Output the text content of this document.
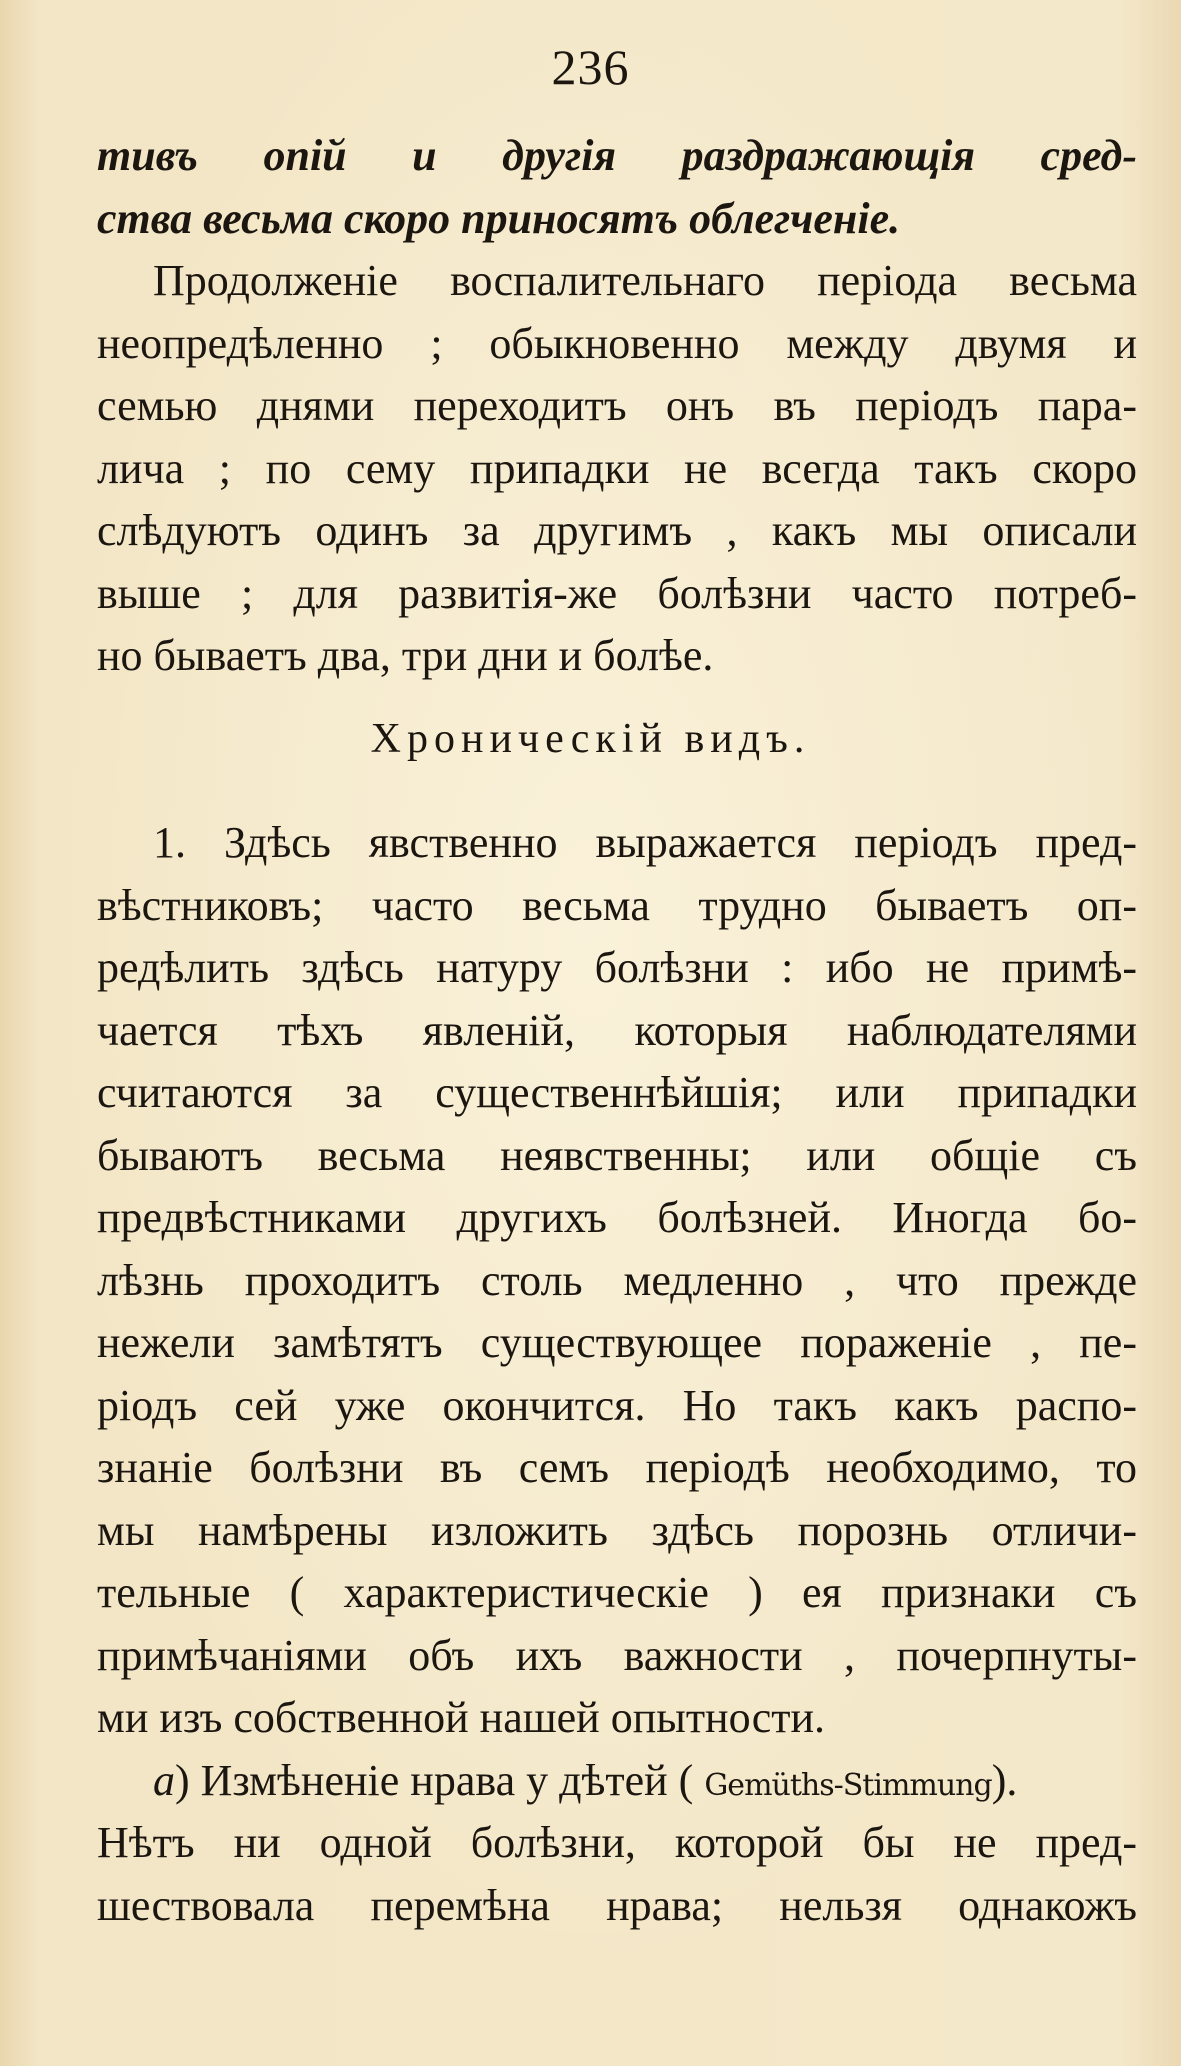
236
тивъ опій и другія раздражающія сред-
ства весьма скоро приносятъ облегченіе.
Продолженіе воспалительнаго періода весьма
неопредѣленно ; обыкновенно между двумя и
семью днями переходитъ онъ въ періодъ пара-
лича ; по сему припадки не всегда такъ скоро
слѣдуютъ одинъ за другимъ , какъ мы описали
выше ; для развитія-же болѣзни часто потреб-
но бываетъ два, три дни и болѣе.
Хроническій видъ.
1. Здѣсь явственно выражается періодъ пред-
вѣстниковъ; часто весьма трудно бываетъ оп-
редѣлить здѣсь натуру болѣзни : ибо не примѣ-
чается тѣхъ явленій, которыя наблюдателями
считаются за существеннѣйшія; или припадки
бываютъ весьма неявственны; или общіе съ
предвѣстниками другихъ болѣзней. Иногда бо-
лѣзнь проходитъ столь медленно , что прежде
нежели замѣтятъ существующее пораженіе , пе-
ріодъ сей уже окончится. Но такъ какъ распо-
знаніе болѣзни въ семъ періодѣ необходимо, то
мы намѣрены изложить здѣсь порознь отличи-
тельные ( характеристическіе ) ея признаки съ
примѣчаніями объ ихъ важности , почерпнуты-
ми изъ собственной нашей опытности.
a) Измѣненіе нрава у дѣтей ( Gemüths-Stimmung).
Нѣтъ ни одной болѣзни, которой бы не пред-
шествовала перемѣна нрава; нельзя однакожъ
